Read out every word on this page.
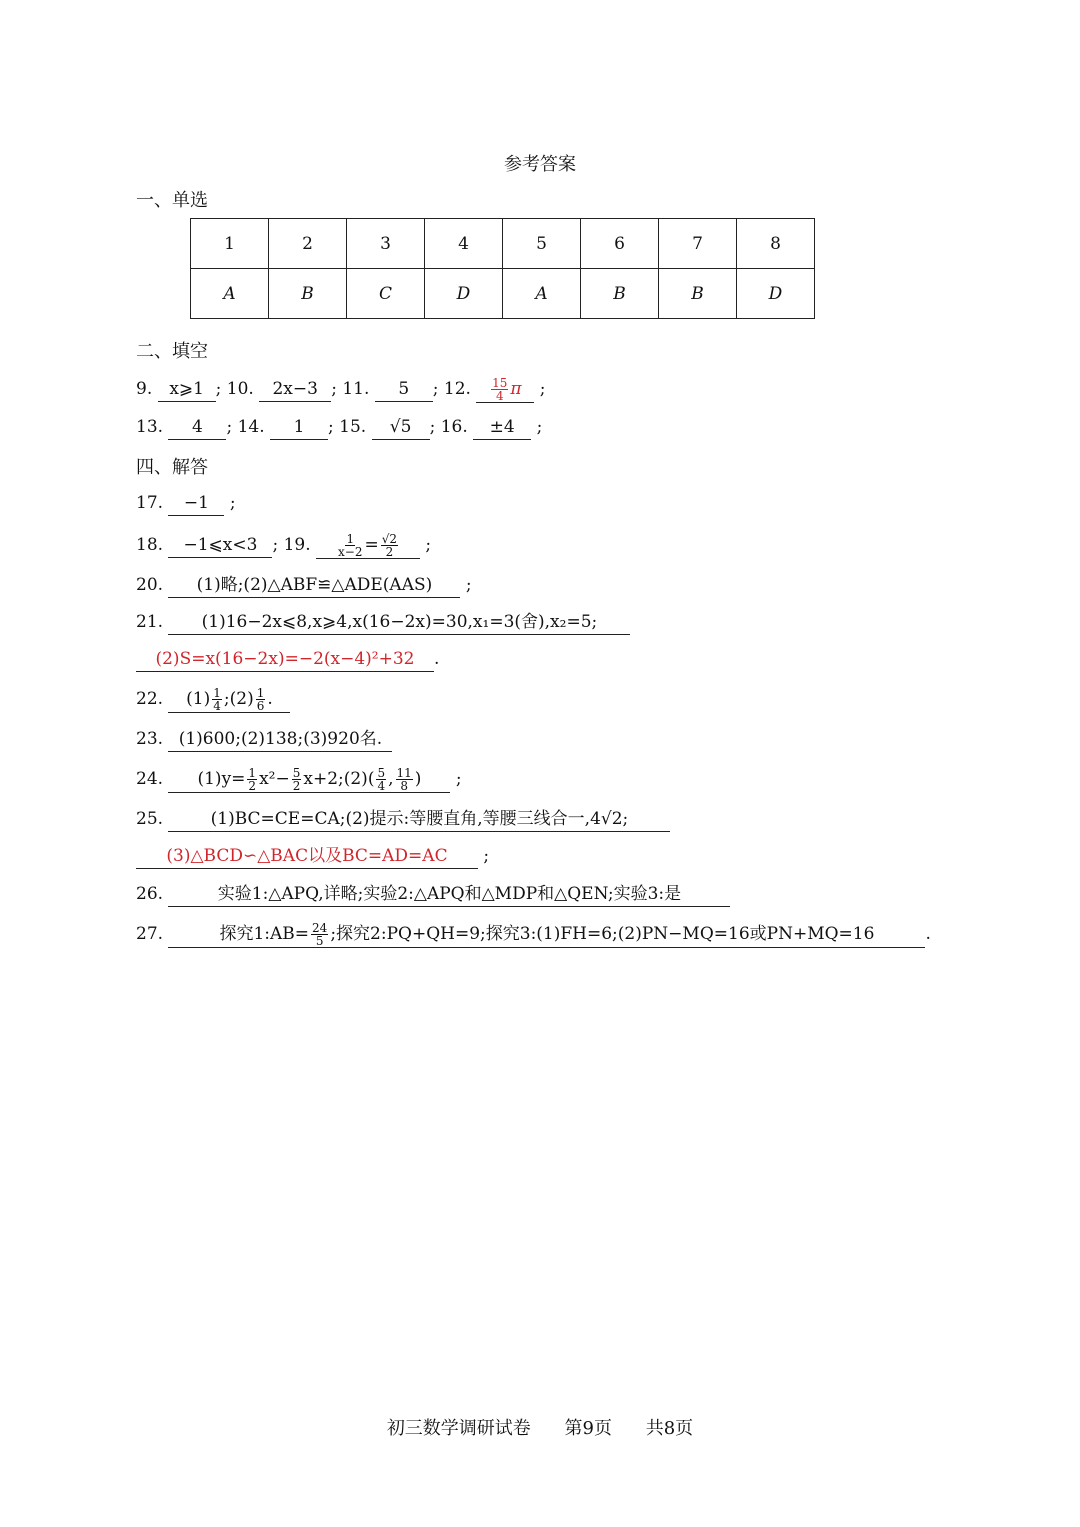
参考答案
一、单选
1	2	3	4	5	6	7	8
A	B	C	D	A	B	B	D
二、填空
9. x⩾1 ; 10. 2x−3 ; 11. 5 ; 12. $\frac{15}{4}$ π ;
13. 4 ; 14. 1 ; 15. √5 ; 16. ±4 ;
四、解答
17. −1 ;
18. −1⩽x<3 ; 19. $\frac{1}{x-2} = \frac{√2}{2}$ ;
20. (1)略;(2)△ABF≌△ADE(AAS) ;
21. (1)16−2x⩽8,x⩾4,x(16−2x)=30,x₁=3(舍),x₂=5;
(2)S=x(16−2x)=−2(x−4)²+32 .
22. $(1) \frac{1}{4}$ ;(2) $\frac{1}{6}$ .
23. (1)600;(2)138;(3)920名.
24. $(1)y= \frac{1}{2} x^2- \frac{5}{2}$ x+2;(2)( $\frac{5}{4}$ , $\frac{11}{8}$ ) ;
25.	(1)BC=CE=CA;(2)提示:等腰直角,等腰三线合一,4√2;
(3)△BCD∽△BAC以及BC=AD=AC ;
26.	实验1:△APQ,详略;实验2:△APQ和△MDP和△QEN;实验3:是
27.	探究1:AB= $\frac{24}{5}$ ;探究2:PQ+QH=9;探究3:(1)FH=6;(2)PN−MQ=16或PN+MQ=16	.
初三数学调研试卷 第9页 共8页
